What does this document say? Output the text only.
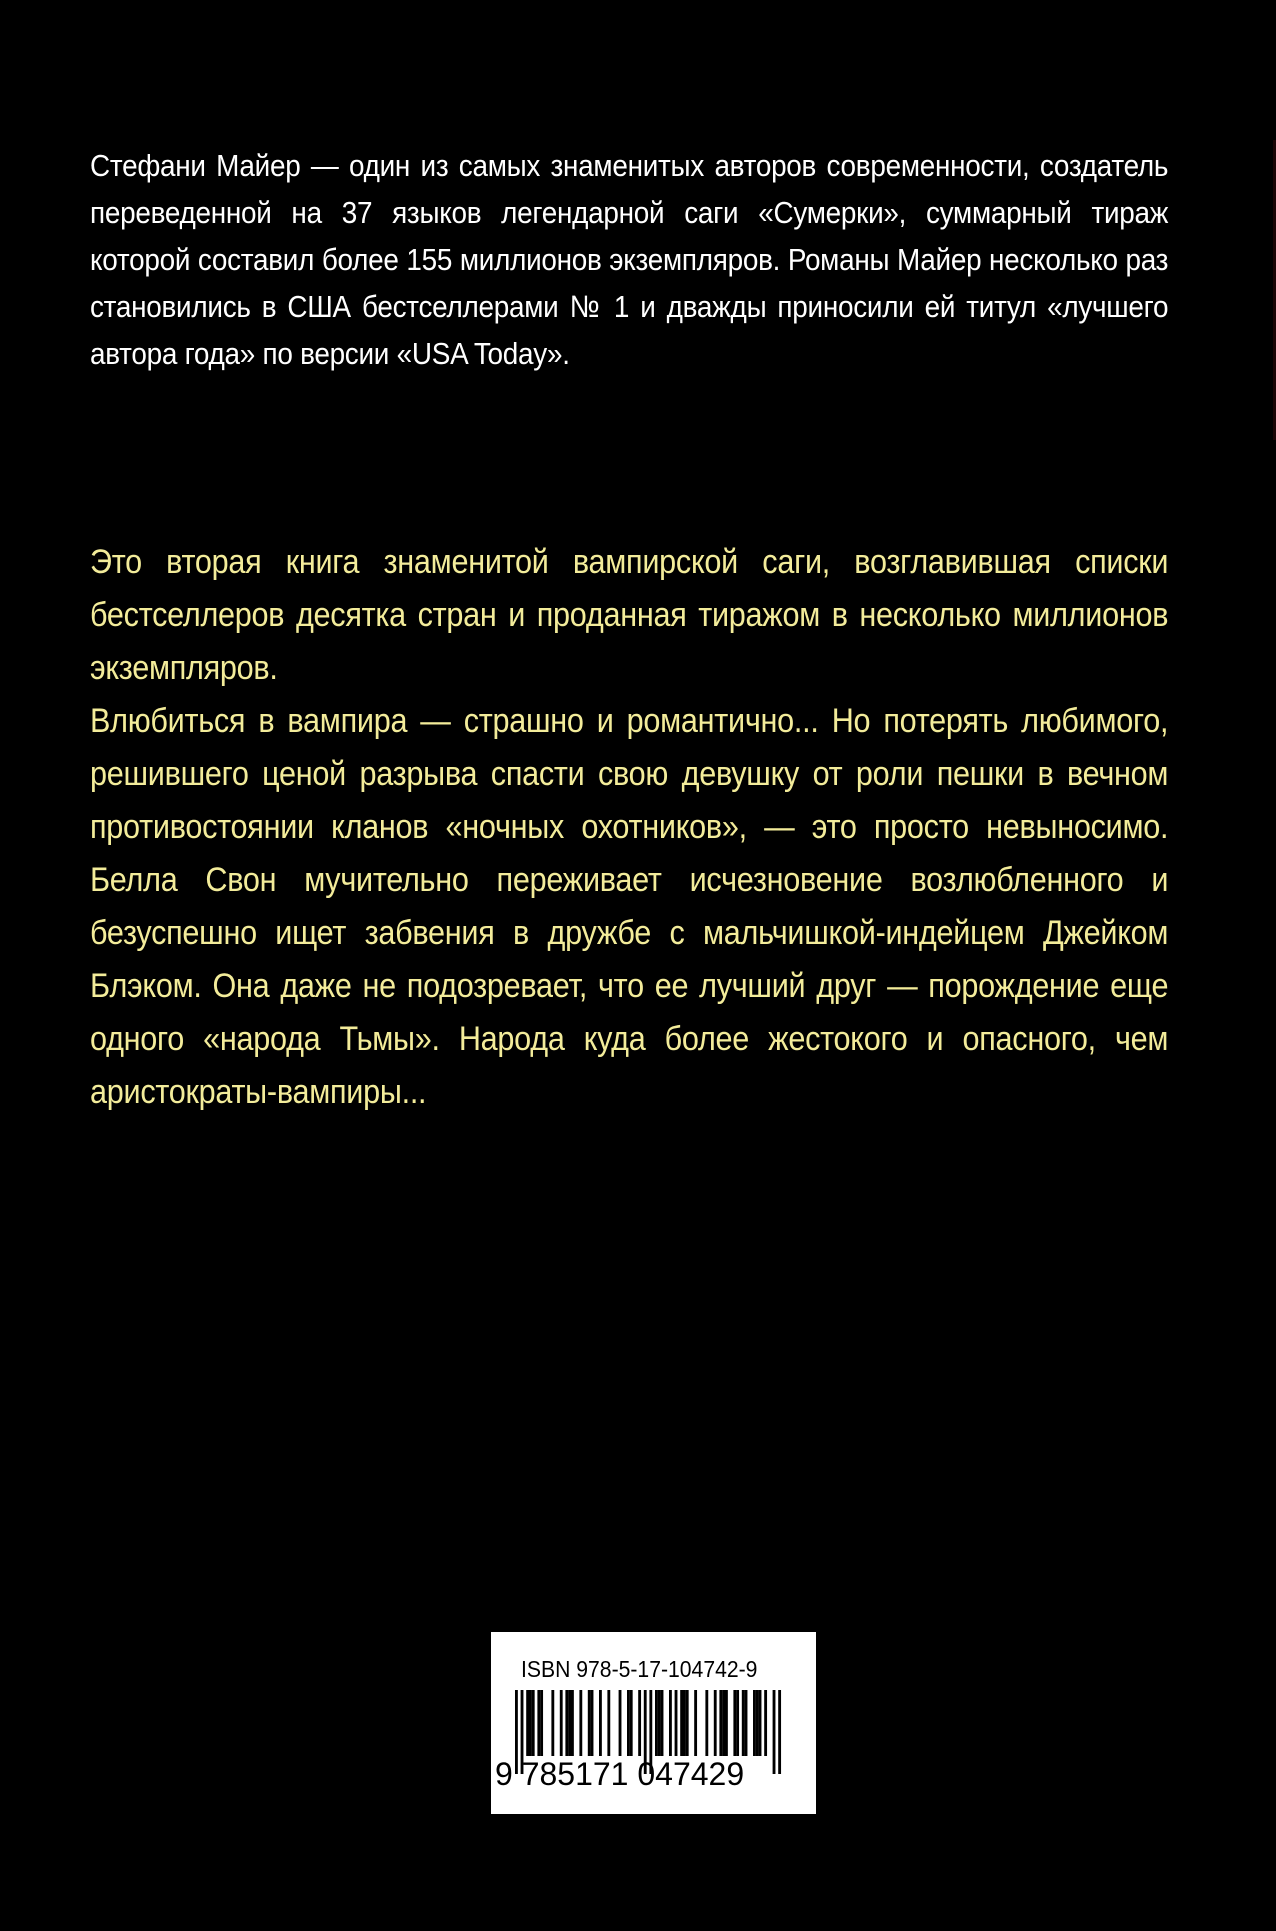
Стефани Майер — один из самых знаменитых авторов современности, создатель переведенной на 37 языков легендарной саги «Сумерки», суммарный тираж которой составил более 155 миллионов экземпляров. Романы Майер несколько раз становились в США бестселлерами № 1 и дважды приносили ей титул «лучшего автора года» по версии «USA Today».

Это вторая книга знаменитой вампирской саги, возглавившая списки бестселлеров десятка стран и проданная тиражом в несколько миллионов экземпляров.

Влюбиться в вампира — страшно и романтично... Но потерять любимого, решившего ценой разрыва спасти свою девушку от роли пешки в вечном противостоянии кланов «ночных охотников», — это просто невыносимо. Белла Свон мучительно переживает исчезновение возлюбленного и безуспешно ищет забвения в дружбе с мальчишкой-индейцем Джейком Блэком. Она даже не подозревает, что ее лучший друг — порождение еще одного «народа Тьмы». Народа куда более жестокого и опасного, чем аристократы-вампиры...

ISBN 978-5-17-104742-9
9 785171 047429
